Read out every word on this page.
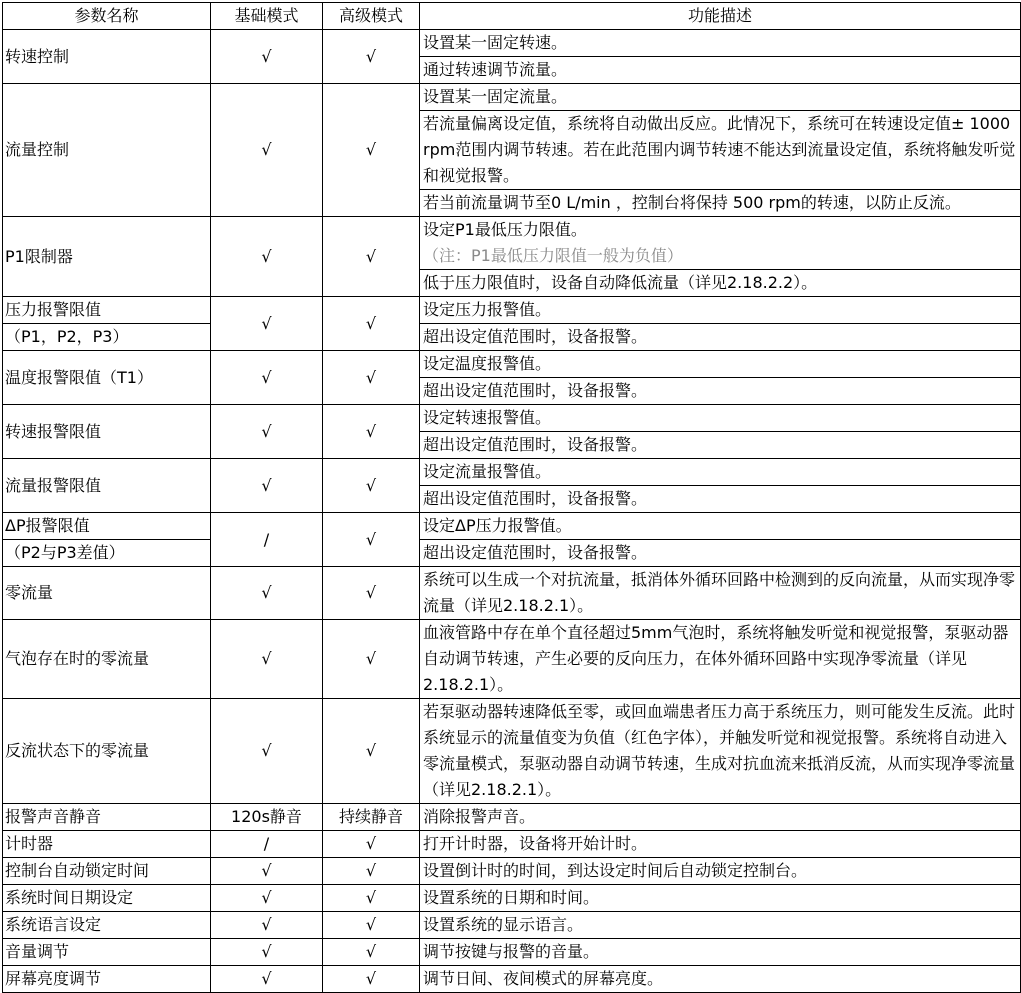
参数名称	基础模式	高级模式	功能描述
转速控制	√	√	设置某一固定转速。
			通过转速调节流量。
流量控制	√	√	设置某一固定流量。
			若流量偏离设定值，系统将自动做出反应。此情况下，系统可在转速设定值± 1000 rpm范围内调节转速。若在此范围内调节转速不能达到流量设定值，系统将触发听觉和视觉报警。
			若当前流量调节至0 L/min ，控制台将保持 500 rpm的转速，以防止反流。
P1限制器	√	√	设定P1最低压力限值。
			（注：P1最低压力限值一般为负值）
			低于压力限值时，设备自动降低流量（详见2.18.2.2）。
压力报警限值	√	√	设定压力报警值。
（P1，P2，P3）			超出设定值范围时，设备报警。
温度报警限值（T1）	√	√	设定温度报警值。
			超出设定值范围时，设备报警。
转速报警限值	√	√	设定转速报警值。
			超出设定值范围时，设备报警。
流量报警限值	√	√	设定流量报警值。
			超出设定值范围时，设备报警。
ΔP报警限值	/	√	设定ΔP压力报警值。
（P2与P3差值）			超出设定值范围时，设备报警。
零流量	√	√	系统可以生成一个对抗流量，抵消体外循环回路中检测到的反向流量，从而实现净零流量（详见2.18.2.1）。
气泡存在时的零流量	√	√	血液管路中存在单个直径超过5mm气泡时，系统将触发听觉和视觉报警，泵驱动器自动调节转速，产生必要的反向压力，在体外循环回路中实现净零流量（详见2.18.2.1）。
反流状态下的零流量	√	√	若泵驱动器转速降低至零，或回血端患者压力高于系统压力，则可能发生反流。此时系统显示的流量值变为负值（红色字体），并触发听觉和视觉报警。系统将自动进入零流量模式，泵驱动器自动调节转速，生成对抗血流来抵消反流，从而实现净零流量（详见2.18.2.1）。
报警声音静音	120s静音	持续静音	消除报警声音。
计时器	/	√	打开计时器，设备将开始计时。
控制台自动锁定时间	√	√	设置倒计时的时间，到达设定时间后自动锁定控制台。
系统时间日期设定	√	√	设置系统的日期和时间。
系统语言设定	√	√	设置系统的显示语言。
音量调节	√	√	调节按键与报警的音量。
屏幕亮度调节	√	√	调节日间、夜间模式的屏幕亮度。
